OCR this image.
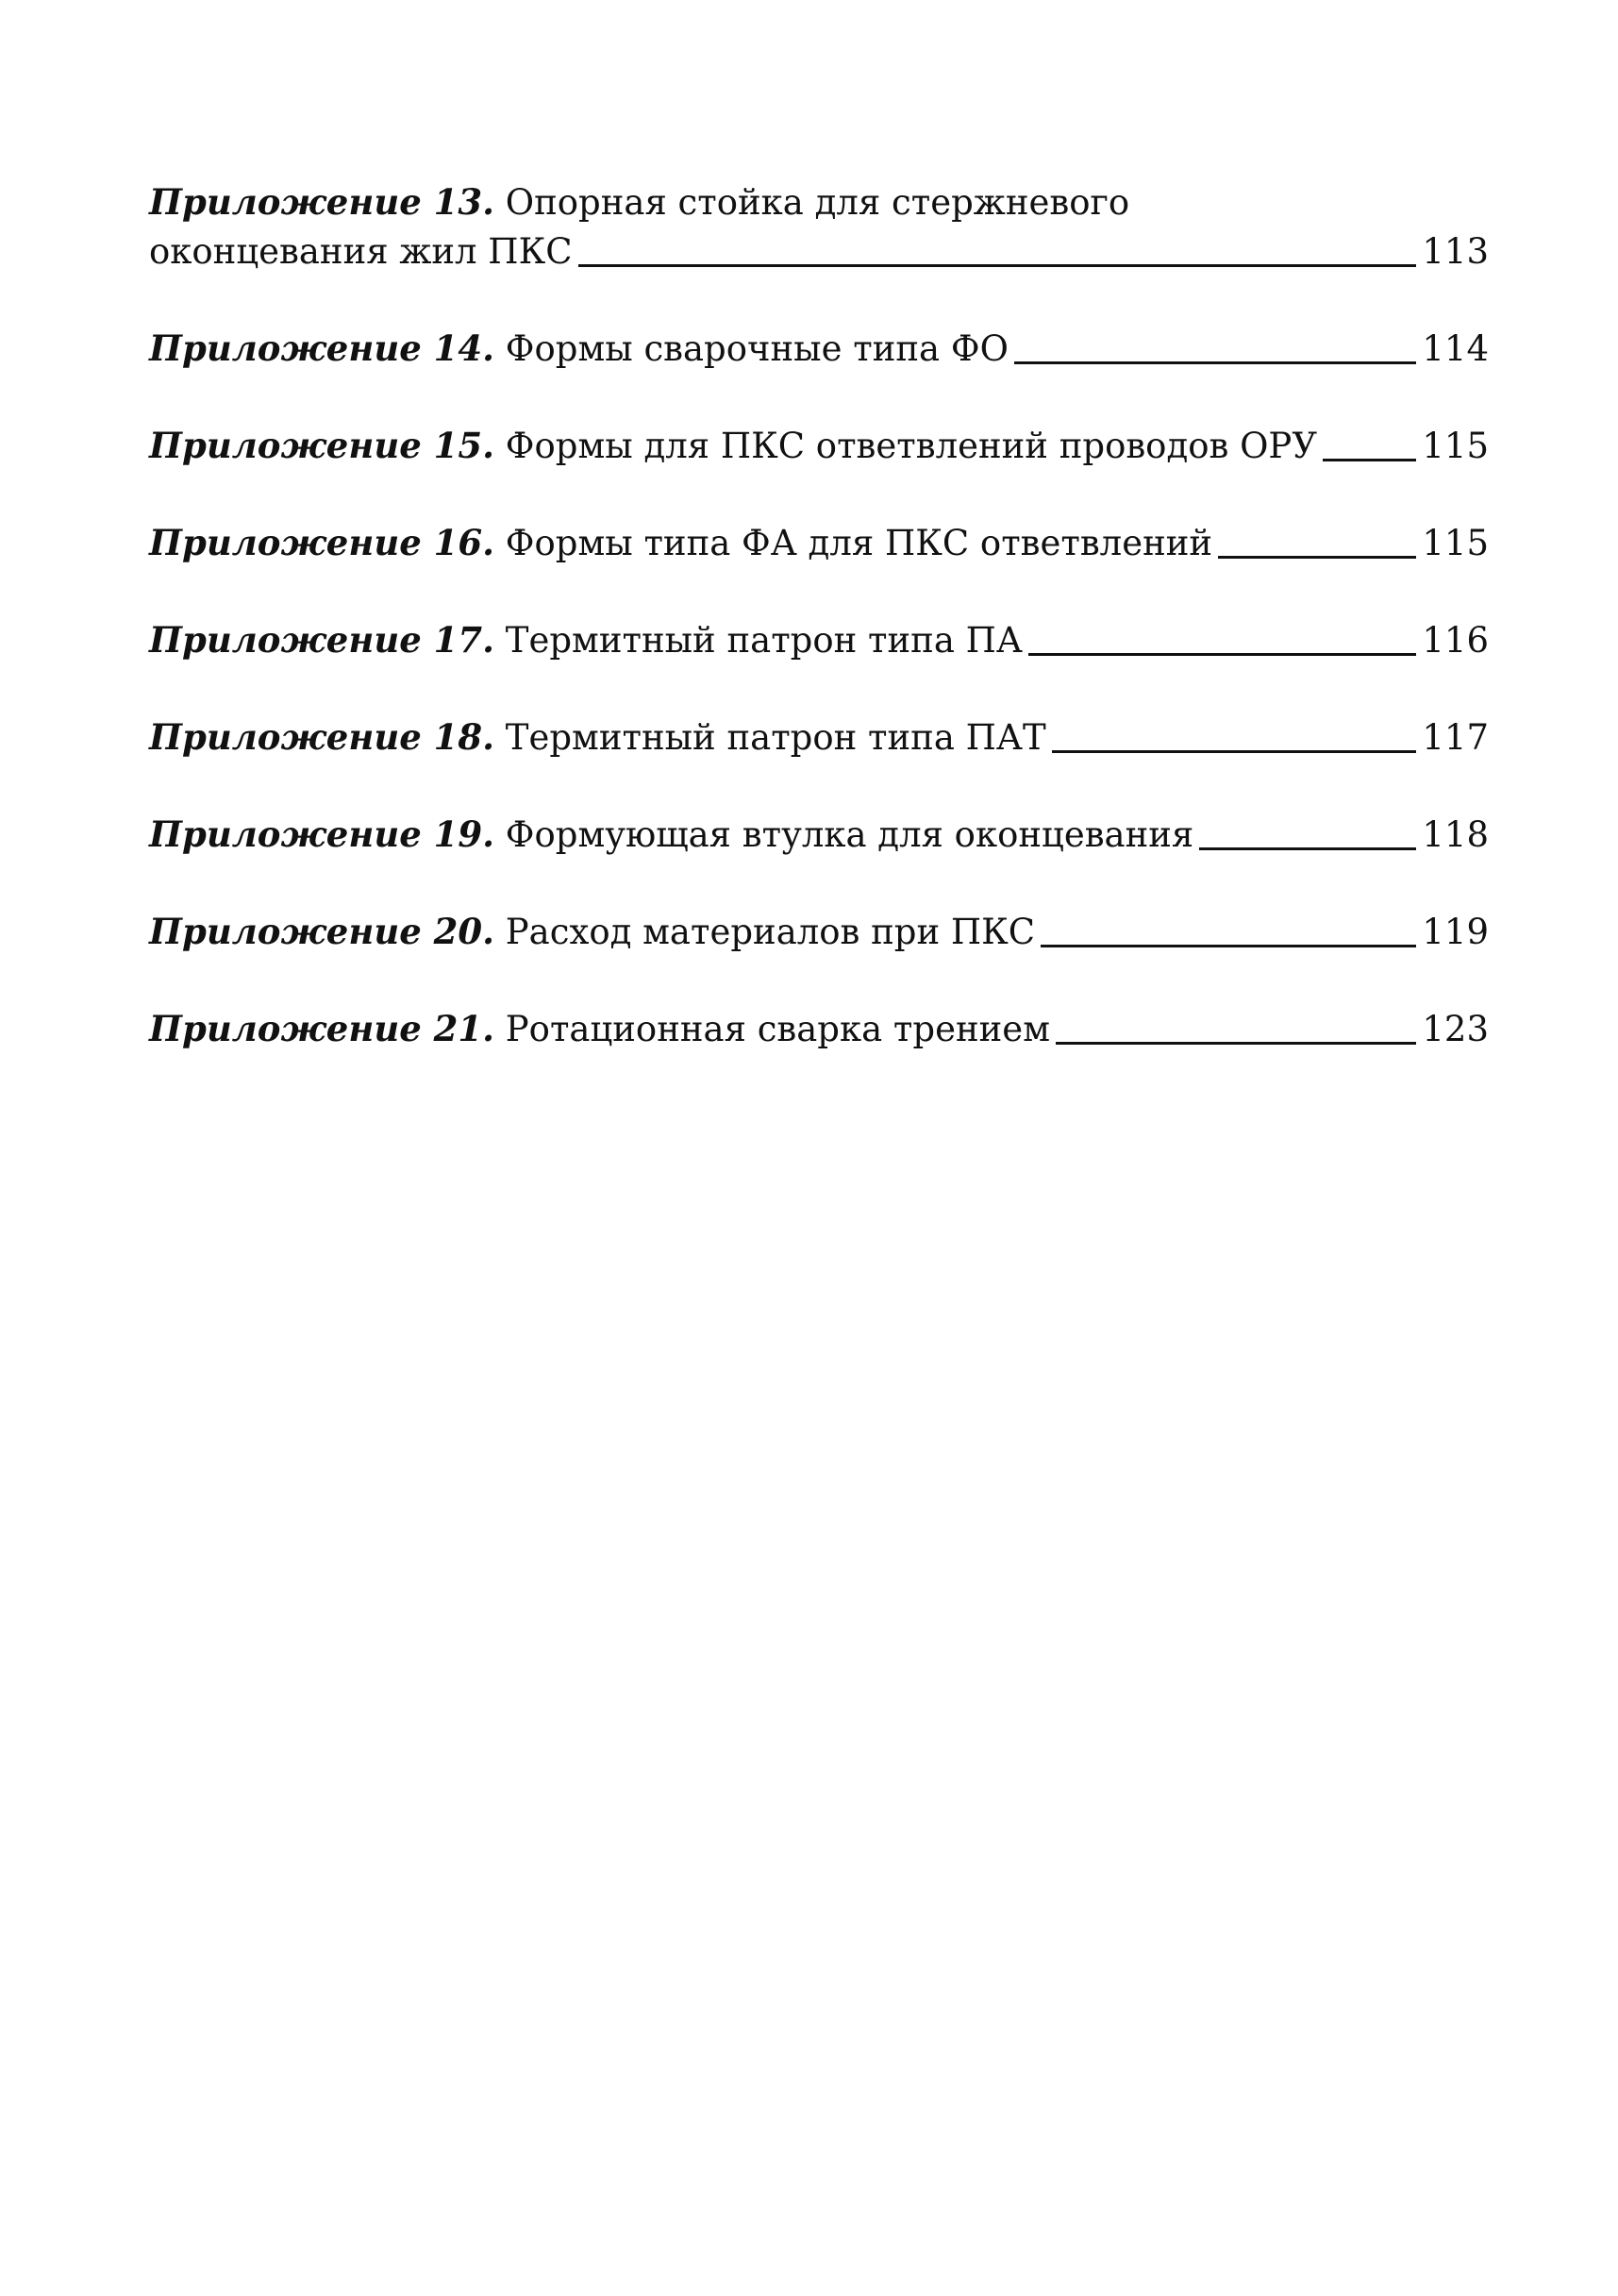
Приложение 13. Опорная стойка для стержневого
оконцевания жил ПКС	113
Приложение 14. Формы сварочные типа ФО	114
Приложение 15. Формы для ПКС ответвлений проводов ОРУ	115
Приложение 16. Формы типа ФА для ПКС ответвлений	115
Приложение 17. Термитный патрон типа ПА	116
Приложение 18. Термитный патрон типа ПАТ	117
Приложение 19. Формующая втулка для оконцевания	118
Приложение 20. Расход материалов при ПКС	119
Приложение 21. Ротационная сварка трением	123
